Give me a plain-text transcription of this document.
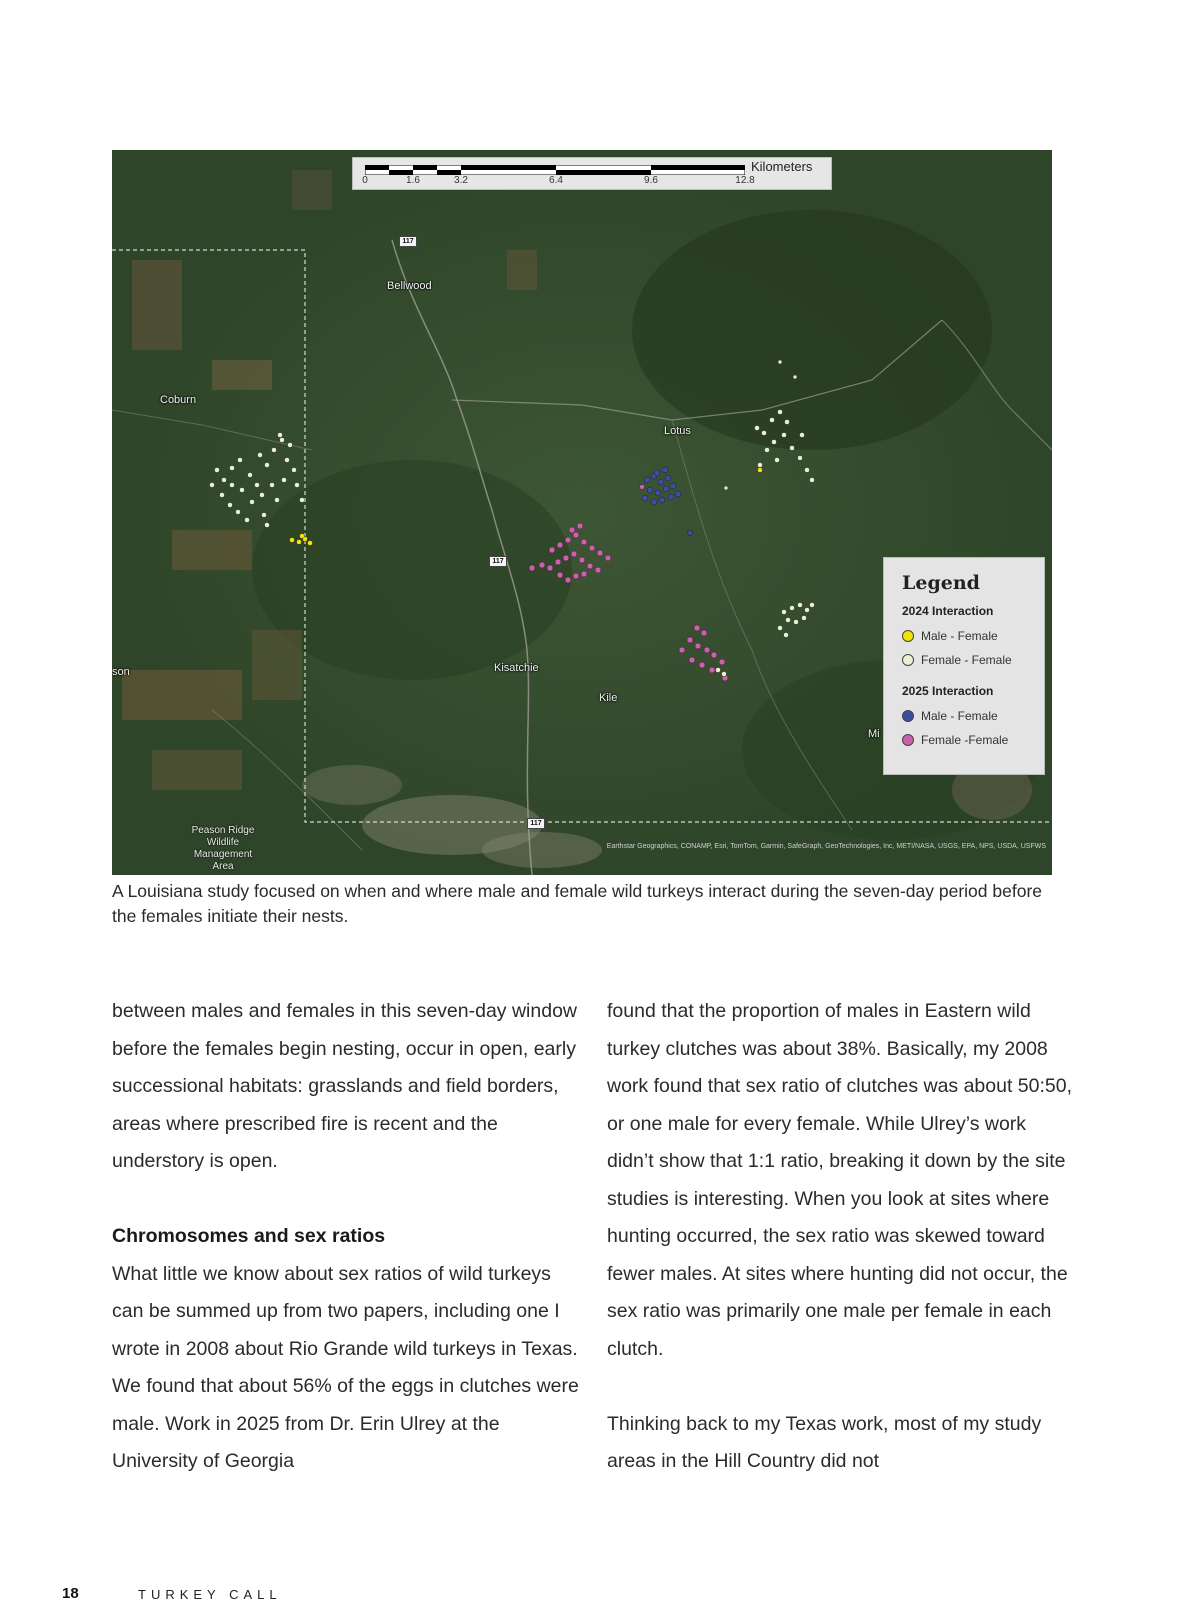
Kilometers
0	1.6	3.2	6.4	9.6	12.8
117
117
117
Bellwood
Coburn
Lotus
Kisatchie
Kile
son
Mi
Peason Ridge Wildlife Management Area
Earthstar Geographics, CONAMP, Esri, TomTom, Garmin, SafeGraph, GeoTechnologies, Inc, METI/NASA, USGS, EPA, NPS, USDA, USFWS
Legend
2024 Interaction
Male - Female
Female - Female
2025 Interaction
Male - Female
Female -Female
A Louisiana study focused on when and where male and female wild turkeys interact during the seven-day period before the females initiate their nests.

between males and females in this seven-day window before the females begin nesting, occur in open, early successional habitats: grasslands and field borders, areas where prescribed fire is recent and the understory is open.

Chromosomes and sex ratios

What little we know about sex ratios of wild turkeys can be summed up from two papers, including one I wrote in 2008 about Rio Grande wild turkeys in Texas. We found that about 56% of the eggs in clutches were male. Work in 2025 from Dr. Erin Ulrey at the University of Georgia

found that the proportion of males in Eastern wild turkey clutches was about 38%. Basically, my 2008 work found that sex ratio of clutches was about 50:50, or one male for every female. While Ulrey’s work didn’t show that 1:1 ratio, breaking it down by the site studies is interesting. When you look at sites where hunting occurred, the sex ratio was skewed toward fewer males. At sites where hunting did not occur, the sex ratio was primarily one male per female in each clutch.

Thinking back to my Texas work, most of my study areas in the Hill Country did not

18	TURKEY CALL
